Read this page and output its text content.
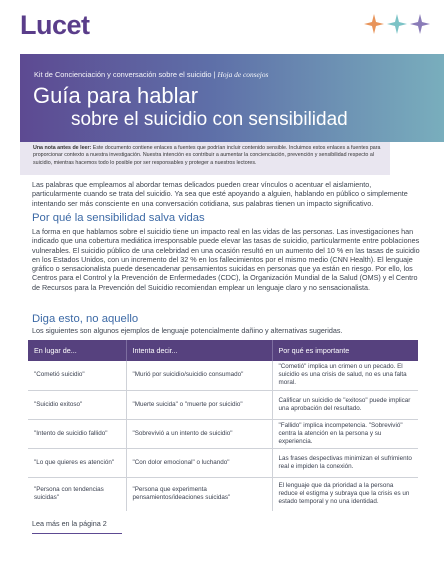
Lucet
Kit de Concienciación y conversación sobre el suicidio | Hoja de consejos
Guía para hablar
sobre el suicidio con sensibilidad
Una nota antes de leer: Este documento contiene enlaces a fuentes que podrían incluir contenido sensible. Incluimos estos enlaces a fuentes para proporcionar contexto a nuestra investigación. Nuestra intención es contribuir a aumentar la concienciación, prevención y sensibilidad respecto al suicidio, mientras hacemos todo lo posible por ser responsables y proteger a nuestros lectores.

Las palabras que empleamos al abordar temas delicados pueden crear vínculos o acentuar el aislamiento, particularmente cuando se trata del suicidio. Ya sea que esté apoyando a alguien, hablando en público o simplemente intentando ser más consciente en una conversación cotidiana, sus palabras tienen un impacto significativo.

Por qué la sensibilidad salva vidas

La forma en que hablamos sobre el suicidio tiene un impacto real en las vidas de las personas. Las investigaciones han indicado que una cobertura mediática irresponsable puede elevar las tasas de suicidio, particularmente entre poblaciones vulnerables. El suicidio público de una celebridad en una ocasión resultó en un aumento del 10 % en las tasas de suicidio en los Estados Unidos, con un incremento del 32 % en los fallecimientos por el mismo medio (CNN Health). El lenguaje gráfico o sensacionalista puede desencadenar pensamientos suicidas en personas que ya están en riesgo. Por ello, los Centros para el Control y la Prevención de Enfermedades (CDC), la Organización Mundial de la Salud (OMS) y el Centro de Recursos para la Prevención del Suicidio recomiendan emplear un lenguaje claro y no sensacionalista.

Diga esto, no aquello

Los siguientes son algunos ejemplos de lenguaje potencialmente dañino y alternativas sugeridas.

En lugar de...	Intenta decir...	Por qué es importante
"Cometió suicidio"	"Murió por suicidio/suicidio consumado"	"Cometió" implica un crimen o un pecado. El suicidio es una crisis de salud, no es una falta moral.
"Suicidio exitoso"	"Muerte suicida" o "muerte por suicidio"	Calificar un suicidio de "exitoso" puede implicar una aprobación del resultado.
"Intento de suicidio fallido"	"Sobrevivió a un intento de suicidio"	"Fallido" implica incompetencia. "Sobrevivió" centra la atención en la persona y su experiencia.
"Lo que quieres es atención"	"Con dolor emocional" o luchando"	Las frases despectivas minimizan el sufrimiento real e impiden la conexión.
"Persona con tendencias suicidas"	"Persona que experimenta pensamientos/ideaciones suicidas"	El lenguaje que da prioridad a la persona reduce el estigma y subraya que la crisis es un estado temporal y no una identidad.
Lea más en la página 2
